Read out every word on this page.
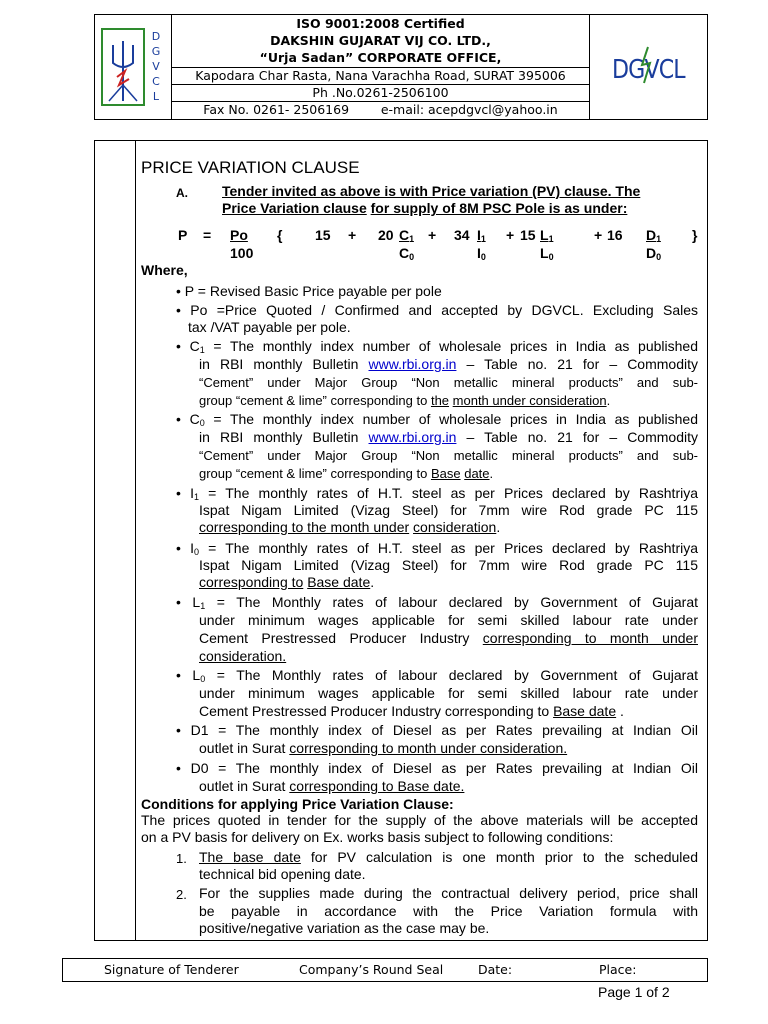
D
G
V
C
L
ISO 9001:2008 Certified
DAKSHIN GUJARAT VIJ CO. LTD.,
“Urja Sadan” CORPORATE OFFICE,
Kapodara Char Rasta, Nana Varachha Road, SURAT 395006
Ph .No.0261-2506100
Fax No. 0261- 2506169        e-mail: acepdgvcl@yahoo.in
DGVCL
PRICE VARIATION CLAUSE
A. Tender invited as above is with Price variation (PV) clause. The
Price Variation clause for supply of 8M PSC Pole is as under:
P = Po
100
{ 15 + 20 $C_1$
$C_0$
+ 34 $I_1$
$I_0$
+ 15 $L_1$
$L_0$
+ 16 $D_1$
$D_0$
}
Where,
• P = Revised Basic Price payable per pole
• Po =Price Quoted / Confirmed and accepted by DGVCL. Excluding Sales
tax /VAT payable per pole.
• $C_1$ = The monthly index number of wholesale prices in India as published
in RBI monthly Bulletin www.rbi.org.in – Table no. 21 for – Commodity
“Cement” under Major Group “Non metallic mineral products” and sub-
group “cement & lime” corresponding to the month under consideration.
• $C_0$ = The monthly index number of wholesale prices in India as published
in RBI monthly Bulletin www.rbi.org.in – Table no. 21 for – Commodity
“Cement” under Major Group “Non metallic mineral products” and sub-
group “cement & lime” corresponding to Base date.
• $I_1$ = The monthly rates of H.T. steel as per Prices declared by Rashtriya
Ispat Nigam Limited (Vizag Steel) for 7mm wire Rod grade PC 115
corresponding to the month under consideration.
• $I_0$ = The monthly rates of H.T. steel as per Prices declared by Rashtriya
Ispat Nigam Limited (Vizag Steel) for 7mm wire Rod grade PC 115
corresponding to Base date.
• $L_1$ = The Monthly rates of labour declared by Government of Gujarat
under minimum wages applicable for semi skilled labour rate under
Cement Prestressed Producer Industry corresponding to month under
consideration.
• $L_0$ = The Monthly rates of labour declared by Government of Gujarat
under minimum wages applicable for semi skilled labour rate under
Cement Prestressed Producer Industry corresponding to Base date .
• D1 = The monthly index of Diesel as per Rates prevailing at Indian Oil
outlet in Surat corresponding to month under consideration.
• D0 = The monthly index of Diesel as per Rates prevailing at Indian Oil
outlet in Surat corresponding to Base date.
Conditions for applying Price Variation Clause:
The prices quoted in tender for the supply of the above materials will be accepted
on a PV basis for delivery on Ex. works basis subject to following conditions:
1. The base date for PV calculation is one month prior to the scheduled
technical bid opening date.
2. For the supplies made during the contractual delivery period, price shall
be payable in accordance with the Price Variation formula with
positive/negative variation as the case may be.
Signature of Tenderer	Company’s Round Seal	Date:	Place:
Page 1 of 2
